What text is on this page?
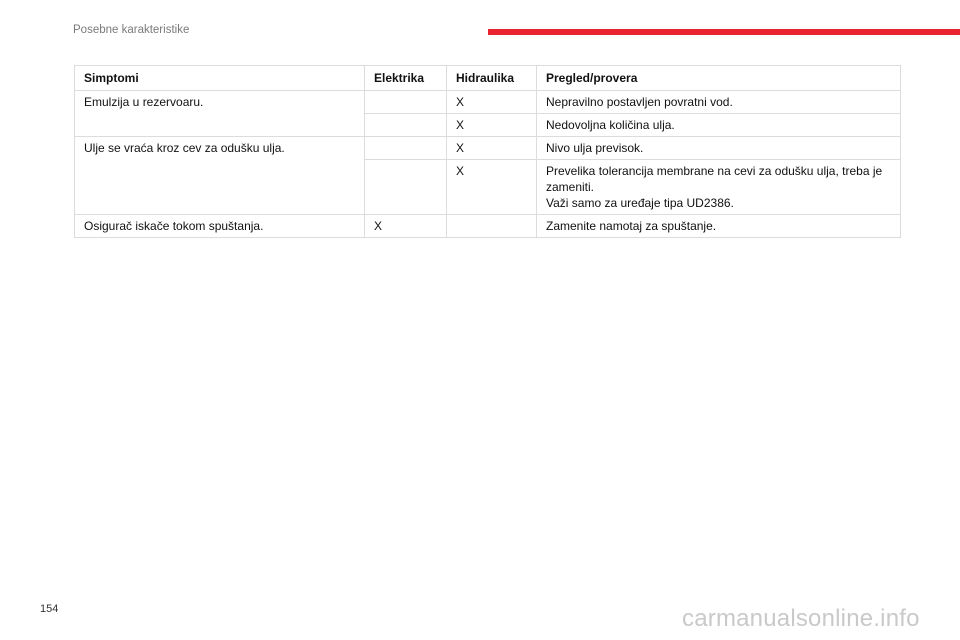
Posebne karakteristike
Simptomi	Elektrika	Hidraulika	Pregled/provera
Emulzija u rezervoaru.		X	Nepravilno postavljen povratni vod.

		X	Nedovoljna količina ulja.

Ulje se vraća kroz cev za odušku ulja.		X	Nivo ulja previsok.

		X	Prevelika tolerancija membrane na cevi za odušku ulja, treba je zameniti.
Važi samo za uređaje tipa UD2386.

Osigurač iskače tokom spuštanja.	X		Zamenite namotaj za spuštanje.
154	carmanualsonline.info
